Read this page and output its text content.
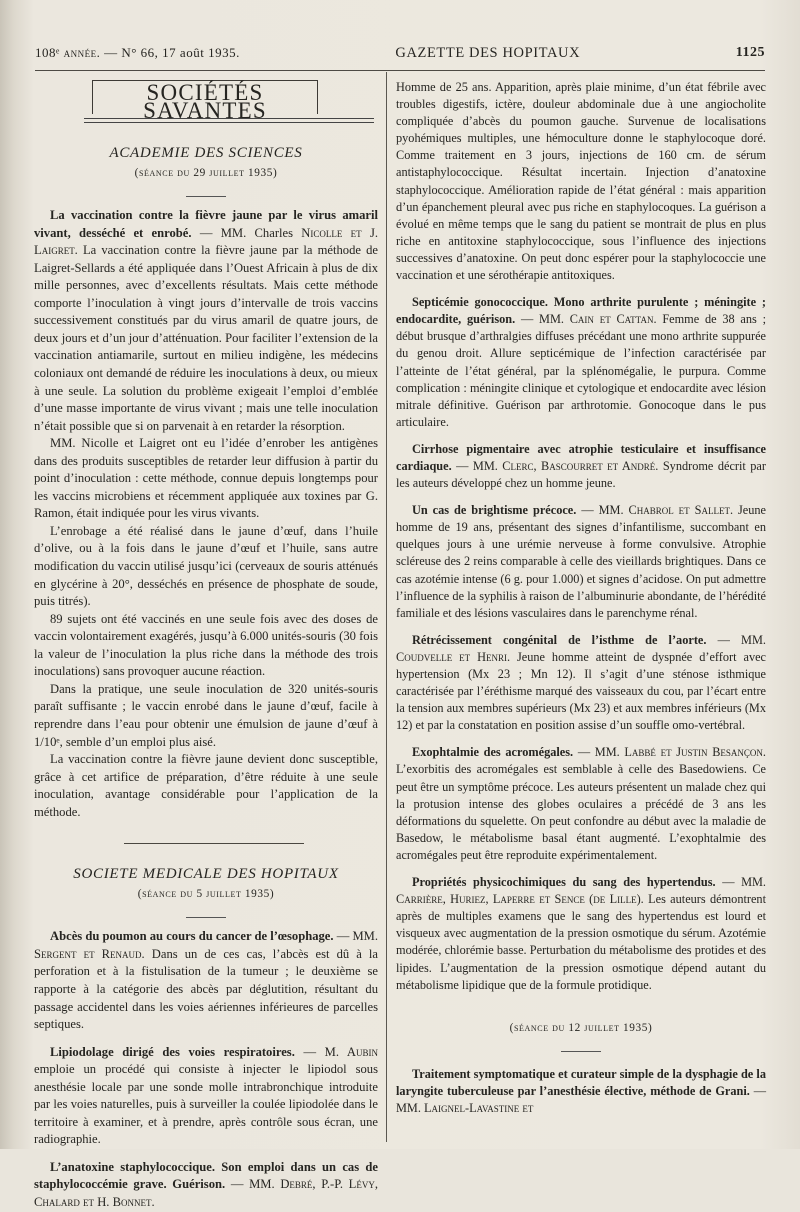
108ᵉ année. — N° 66, 17 août 1935.	GAZETTE DES HOPITAUX	1125
SOCIÉTÉS SAVANTES
ACADEMIE DES SCIENCES
(séance du 29 juillet 1935)

La vaccination contre la fièvre jaune par le virus amaril vivant, desséché et enrobé. — MM. Charles Nicolle et J. Laigret. La vaccination contre la fièvre jaune par la méthode de Laigret-Sellards a été appliquée dans l’Ouest Africain à plus de dix mille personnes, avec d’excellents résultats. Mais cette méthode comporte l’inoculation à vingt jours d’intervalle de trois vaccins successivement constitués par du virus amaril de quatre jours, de deux jours et d’un jour d’atténuation. Pour faciliter l’extension de la vaccination antiamarile, surtout en milieu indigène, les médecins coloniaux ont demandé de réduire les inoculations à deux, ou mieux à une seule. La solution du problème exigeait l’emploi d’emblée d’une masse importante de virus vivant ; mais une telle inoculation n’était possible que si on parvenait à en retarder la résorption.

MM. Nicolle et Laigret ont eu l’idée d’enrober les antigènes dans des produits susceptibles de retarder leur diffusion à partir du point d’inoculation : cette méthode, connue depuis longtemps pour les vaccins microbiens et récemment appliquée aux toxines par G. Ramon, était indiquée pour les virus vivants.

L’enrobage a été réalisé dans le jaune d’œuf, dans l’huile d’olive, ou à la fois dans le jaune d’œuf et l’huile, sans autre modification du vaccin utilisé jusqu’ici (cerveaux de souris atténués en glycérine à 20°, desséchés en présence de phosphate de soude, puis titrés).

89 sujets ont été vaccinés en une seule fois avec des doses de vaccin volontairement exagérés, jusqu’à 6.000 unités-souris (30 fois la valeur de l’inoculation la plus riche dans la méthode des trois inoculations) sans provoquer aucune réaction.

Dans la pratique, une seule inoculation de 320 unités-souris paraît suffisante ; le vaccin enrobé dans le jaune d’œuf, facile à reprendre dans l’eau pour obtenir une émulsion de jaune d’œuf à 1/10ᵉ, semble d’un emploi plus aisé.

La vaccination contre la fièvre jaune devient donc susceptible, grâce à cet artifice de préparation, d’être réduite à une seule inoculation, avantage considérable pour l’application de la méthode.

SOCIETE MEDICALE DES HOPITAUX
(séance du 5 juillet 1935)

Abcès du poumon au cours du cancer de l’œsophage. — MM. Sergent et Renaud. Dans un de ces cas, l’abcès est dû à la perforation et à la fistulisation de la tumeur ; le deuxième se rapporte à la catégorie des abcès par déglutition, résultant du passage accidentel dans les voies aériennes inférieures de parcelles septiques.

Lipiodolage dirigé des voies respiratoires. — M. Aubin emploie un procédé qui consiste à injecter le lipiodol sous anesthésie locale par une sonde molle intrabronchique introduite par les voies naturelles, puis à surveiller la coulée lipiodolée dans le territoire à examiner, et à prendre, après contrôle sous écran, une radiographie.

L’anatoxine staphylococcique. Son emploi dans un cas de staphylococcémie grave. Guérison. — MM. Debré, P.-P. Lévy, Chalard et H. Bonnet.

Homme de 25 ans. Apparition, après plaie minime, d’un état fébrile avec troubles digestifs, ictère, douleur abdominale due à une angiocholite compliquée d’abcès du poumon gauche. Survenue de localisations pyohémiques multiples, une hémoculture donne le staphylocoque doré. Comme traitement en 3 jours, injections de 160 cm. de sérum antistaphylococcique. Résultat incertain. Injection d’anatoxine staphylococcique. Amélioration rapide de l’état général : mais apparition d’un épanchement pleural avec pus riche en staphylocoques. La guérison a évolué en même temps que le sang du patient se montrait de plus en plus riche en antitoxine staphylococcique, sous l’influence des injections successives d’anatoxine. On peut donc espérer pour la staphylococcie une vaccination et une sérothérapie antitoxiques.

Septicémie gonococcique. Mono arthrite purulente ; méningite ; endocardite, guérison. — MM. Cain et Cattan. Femme de 38 ans ; début brusque d’arthralgies diffuses précédant une mono arthrite suppurée du genou droit. Allure septicémique de l’infection caractérisée par l’atteinte de l’état général, par la splénomégalie, le purpura. Comme complication : méningite clinique et cytologique et endocardite avec lésion mitrale définitive. Guérison par arthrotomie. Gonocoque dans le pus articulaire.

Cirrhose pigmentaire avec atrophie testiculaire et insuffisance cardiaque. — MM. Clerc, Bascourret et André. Syndrome décrit par les auteurs développé chez un homme jeune.

Un cas de brightisme précoce. — MM. Chabrol et Sallet. Jeune homme de 19 ans, présentant des signes d’infantilisme, succombant en quelques jours à une urémie nerveuse à forme convulsive. Atrophie scléreuse des 2 reins comparable à celle des vieillards brightiques. Dans ce cas azotémie intense (6 g. pour 1.000) et signes d’acidose. On put admettre l’influence de la syphilis à raison de l’albuminurie abondante, de l’hérédité familiale et des lésions vasculaires dans le parenchyme rénal.

Rétrécissement congénital de l’isthme de l’aorte. — MM. Coudvelle et Henri. Jeune homme atteint de dyspnée d’effort avec hypertension (Mx 23 ; Mn 12). Il s’agit d’une sténose isthmique caractérisée par l’éréthisme marqué des vaisseaux du cou, par l’écart entre la tension aux membres supérieurs (Mx 23) et aux membres inférieurs (Mx 12) et par la constatation en position assise d’un souffle omo-vertébral.

Exophtalmie des acromégales. — MM. Labbé et Justin Besançon. L’exorbitis des acromégales est semblable à celle des Basedowiens. Ce peut être un symptôme précoce. Les auteurs présentent un malade chez qui la protusion intense des globes oculaires a précédé de 3 ans les déformations du squelette. On peut confondre au début avec la maladie de Basedow, le métabolisme basal étant augmenté. L’exophtalmie des acromégales peut être reproduite expérimentalement.

Propriétés physicochimiques du sang des hypertendus. — MM. Carrière, Huriez, Laperre et Sence (de Lille). Les auteurs démontrent après de multiples examens que le sang des hypertendus est lourd et visqueux avec augmentation de la pression osmotique du sérum. Azotémie modérée, chlorémie basse. Perturbation du métabolisme des protides et des lipides. L’augmentation de la pression osmotique dépend autant du métabolisme lipidique que de la formule protidique.

(séance du 12 juillet 1935)

Traitement symptomatique et curateur simple de la dysphagie de la laryngite tuberculeuse par l’anesthésie élective, méthode de Grani. — MM. Laignel-Lavastine et
